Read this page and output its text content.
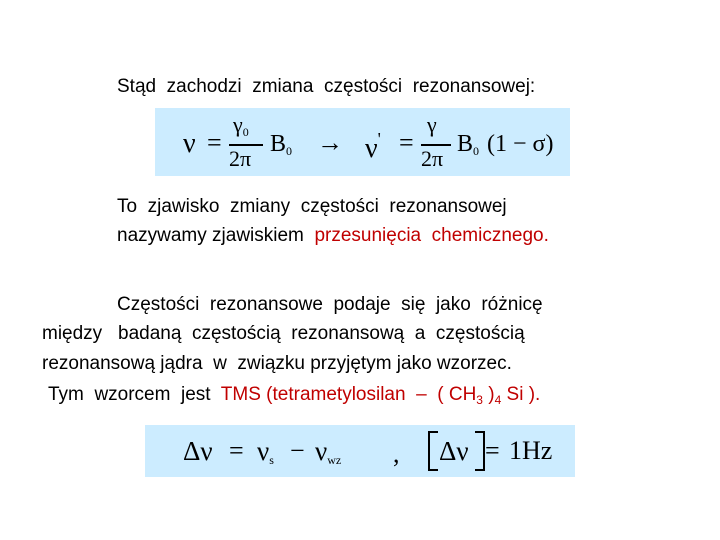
Stąd  zachodzi  zmiana  częstości  rezonansowej:
ν =
$\gamma_0$
2π
$B_0 \to \nu'$ =
γ
2π
$B_0$ (1 − σ)
To  zjawisko  zmiany  częstości  rezonansowej
nazywamy zjawiskiem  przesunięcia  chemicznego.
Częstości  rezonansowe  podaje  się  jako  różnicę
między   badaną  częstością  rezonansową  a  częstością
rezonansową jądra  w  związku przyjętym jako wzorzec.
Tym  wzorcem  jest  TMS (tetrametylosilan  –  ( $CH_3$ )$_4$ Si ).
$\Delta\nu = \nu_s - \nu_{wz}$ , Δν = 1Hz
